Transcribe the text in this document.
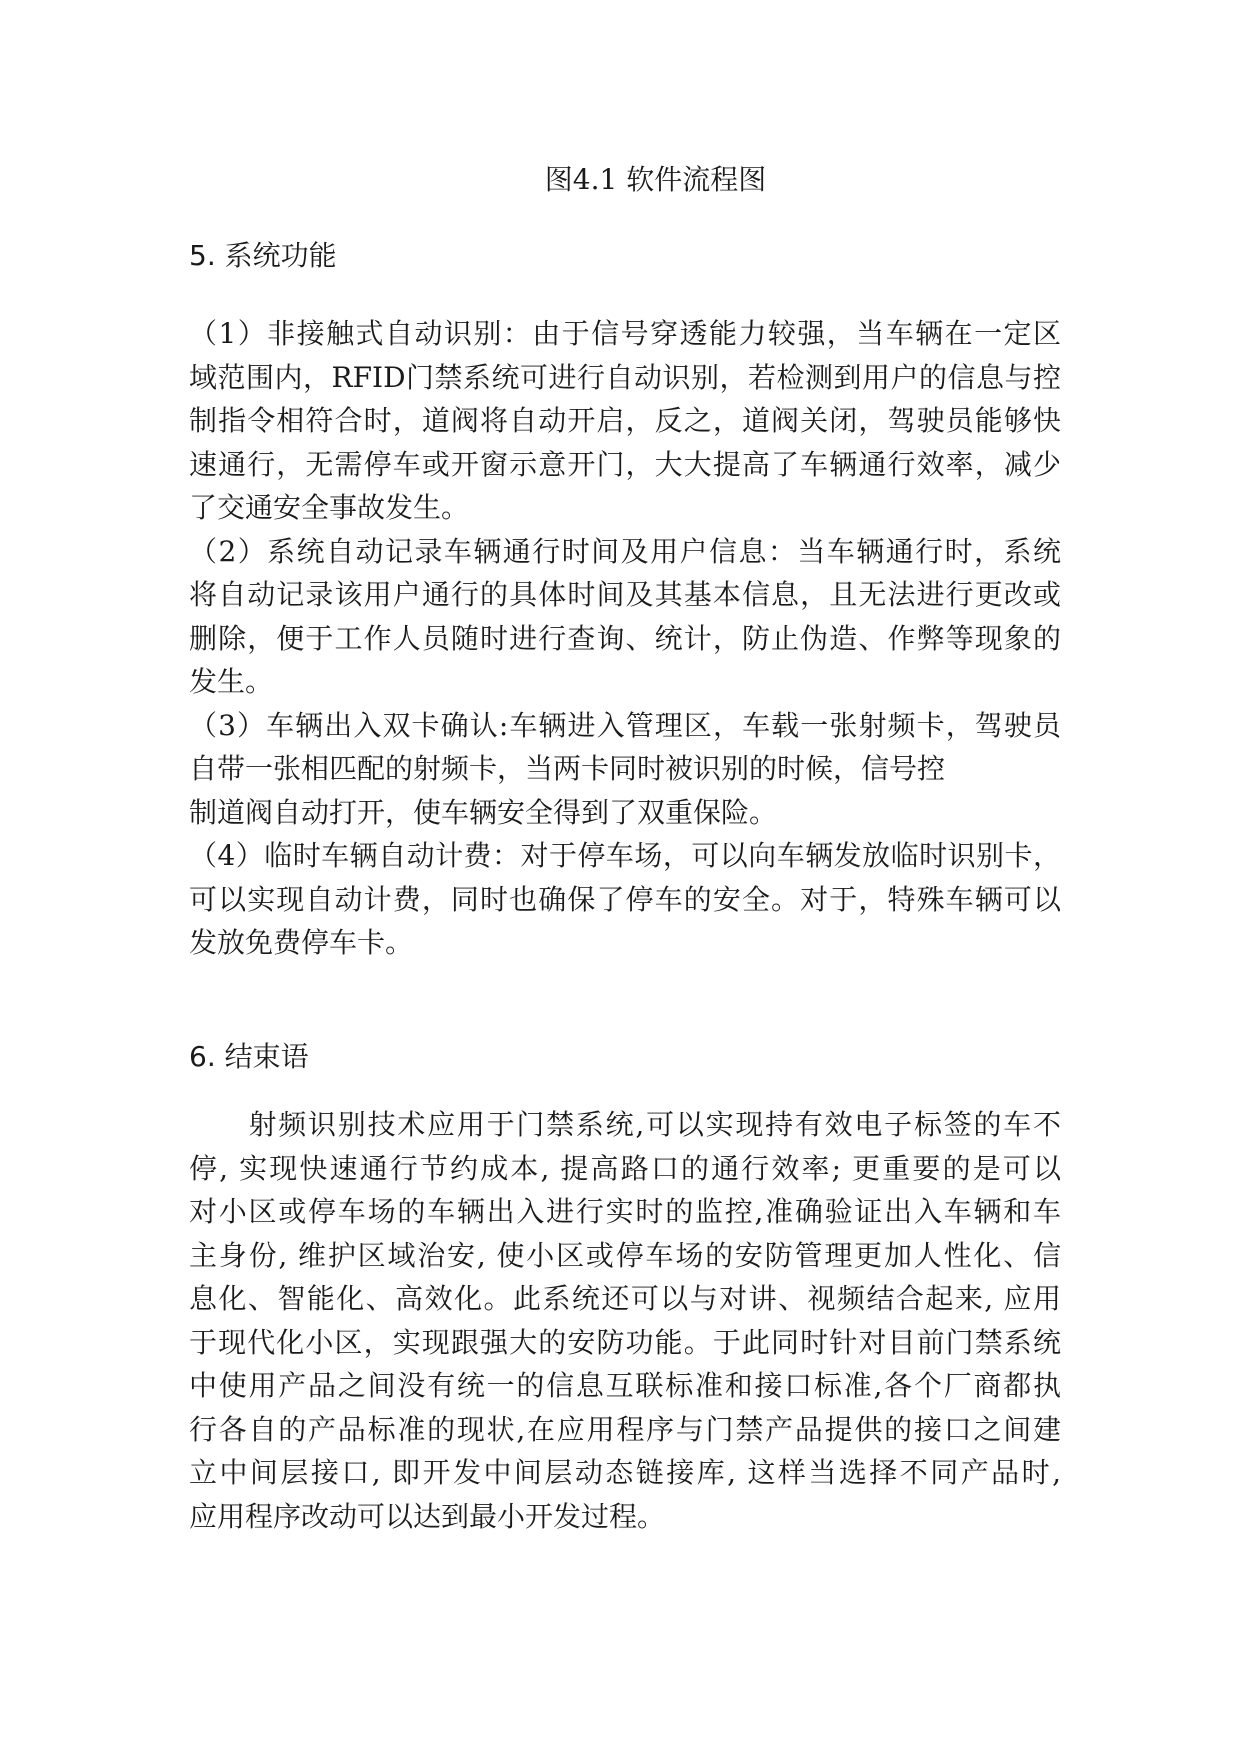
图4.1 软件流程图
5. 系统功能
（1）非接触式自动识别：由于信号穿透能力较强，当车辆在一定区
域范围内，RFID门禁系统可进行自动识别，若检测到用户的信息与控
制指令相符合时，道阀将自动开启，反之，道阀关闭，驾驶员能够快
速通行，无需停车或开窗示意开门，大大提高了车辆通行效率，减少
了交通安全事故发生。
（2）系统自动记录车辆通行时间及用户信息：当车辆通行时，系统
将自动记录该用户通行的具体时间及其基本信息，且无法进行更改或
删除，便于工作人员随时进行查询、统计，防止伪造、作弊等现象的
发生。
（3）车辆出入双卡确认:车辆进入管理区，车载一张射频卡，驾驶员
自带一张相匹配的射频卡，当两卡同时被识别的时候，信号控
制道阀自动打开，使车辆安全得到了双重保险。
（4）临时车辆自动计费：对于停车场，可以向车辆发放临时识别卡，
可以实现自动计费，同时也确保了停车的安全。对于，特殊车辆可以
发放免费停车卡。
6. 结束语
　　射频识别技术应用于门禁系统,可以实现持有效电子标签的车不
停, 实现快速通行节约成本, 提高路口的通行效率; 更重要的是可以
对小区或停车场的车辆出入进行实时的监控,准确验证出入车辆和车
主身份, 维护区域治安, 使小区或停车场的安防管理更加人性化、信
息化、智能化、高效化。此系统还可以与对讲、视频结合起来, 应用
于现代化小区，实现跟强大的安防功能。于此同时针对目前门禁系统
中使用产品之间没有统一的信息互联标准和接口标准,各个厂商都执
行各自的产品标准的现状,在应用程序与门禁产品提供的接口之间建
立中间层接口, 即开发中间层动态链接库, 这样当选择不同产品时,
应用程序改动可以达到最小开发过程。
